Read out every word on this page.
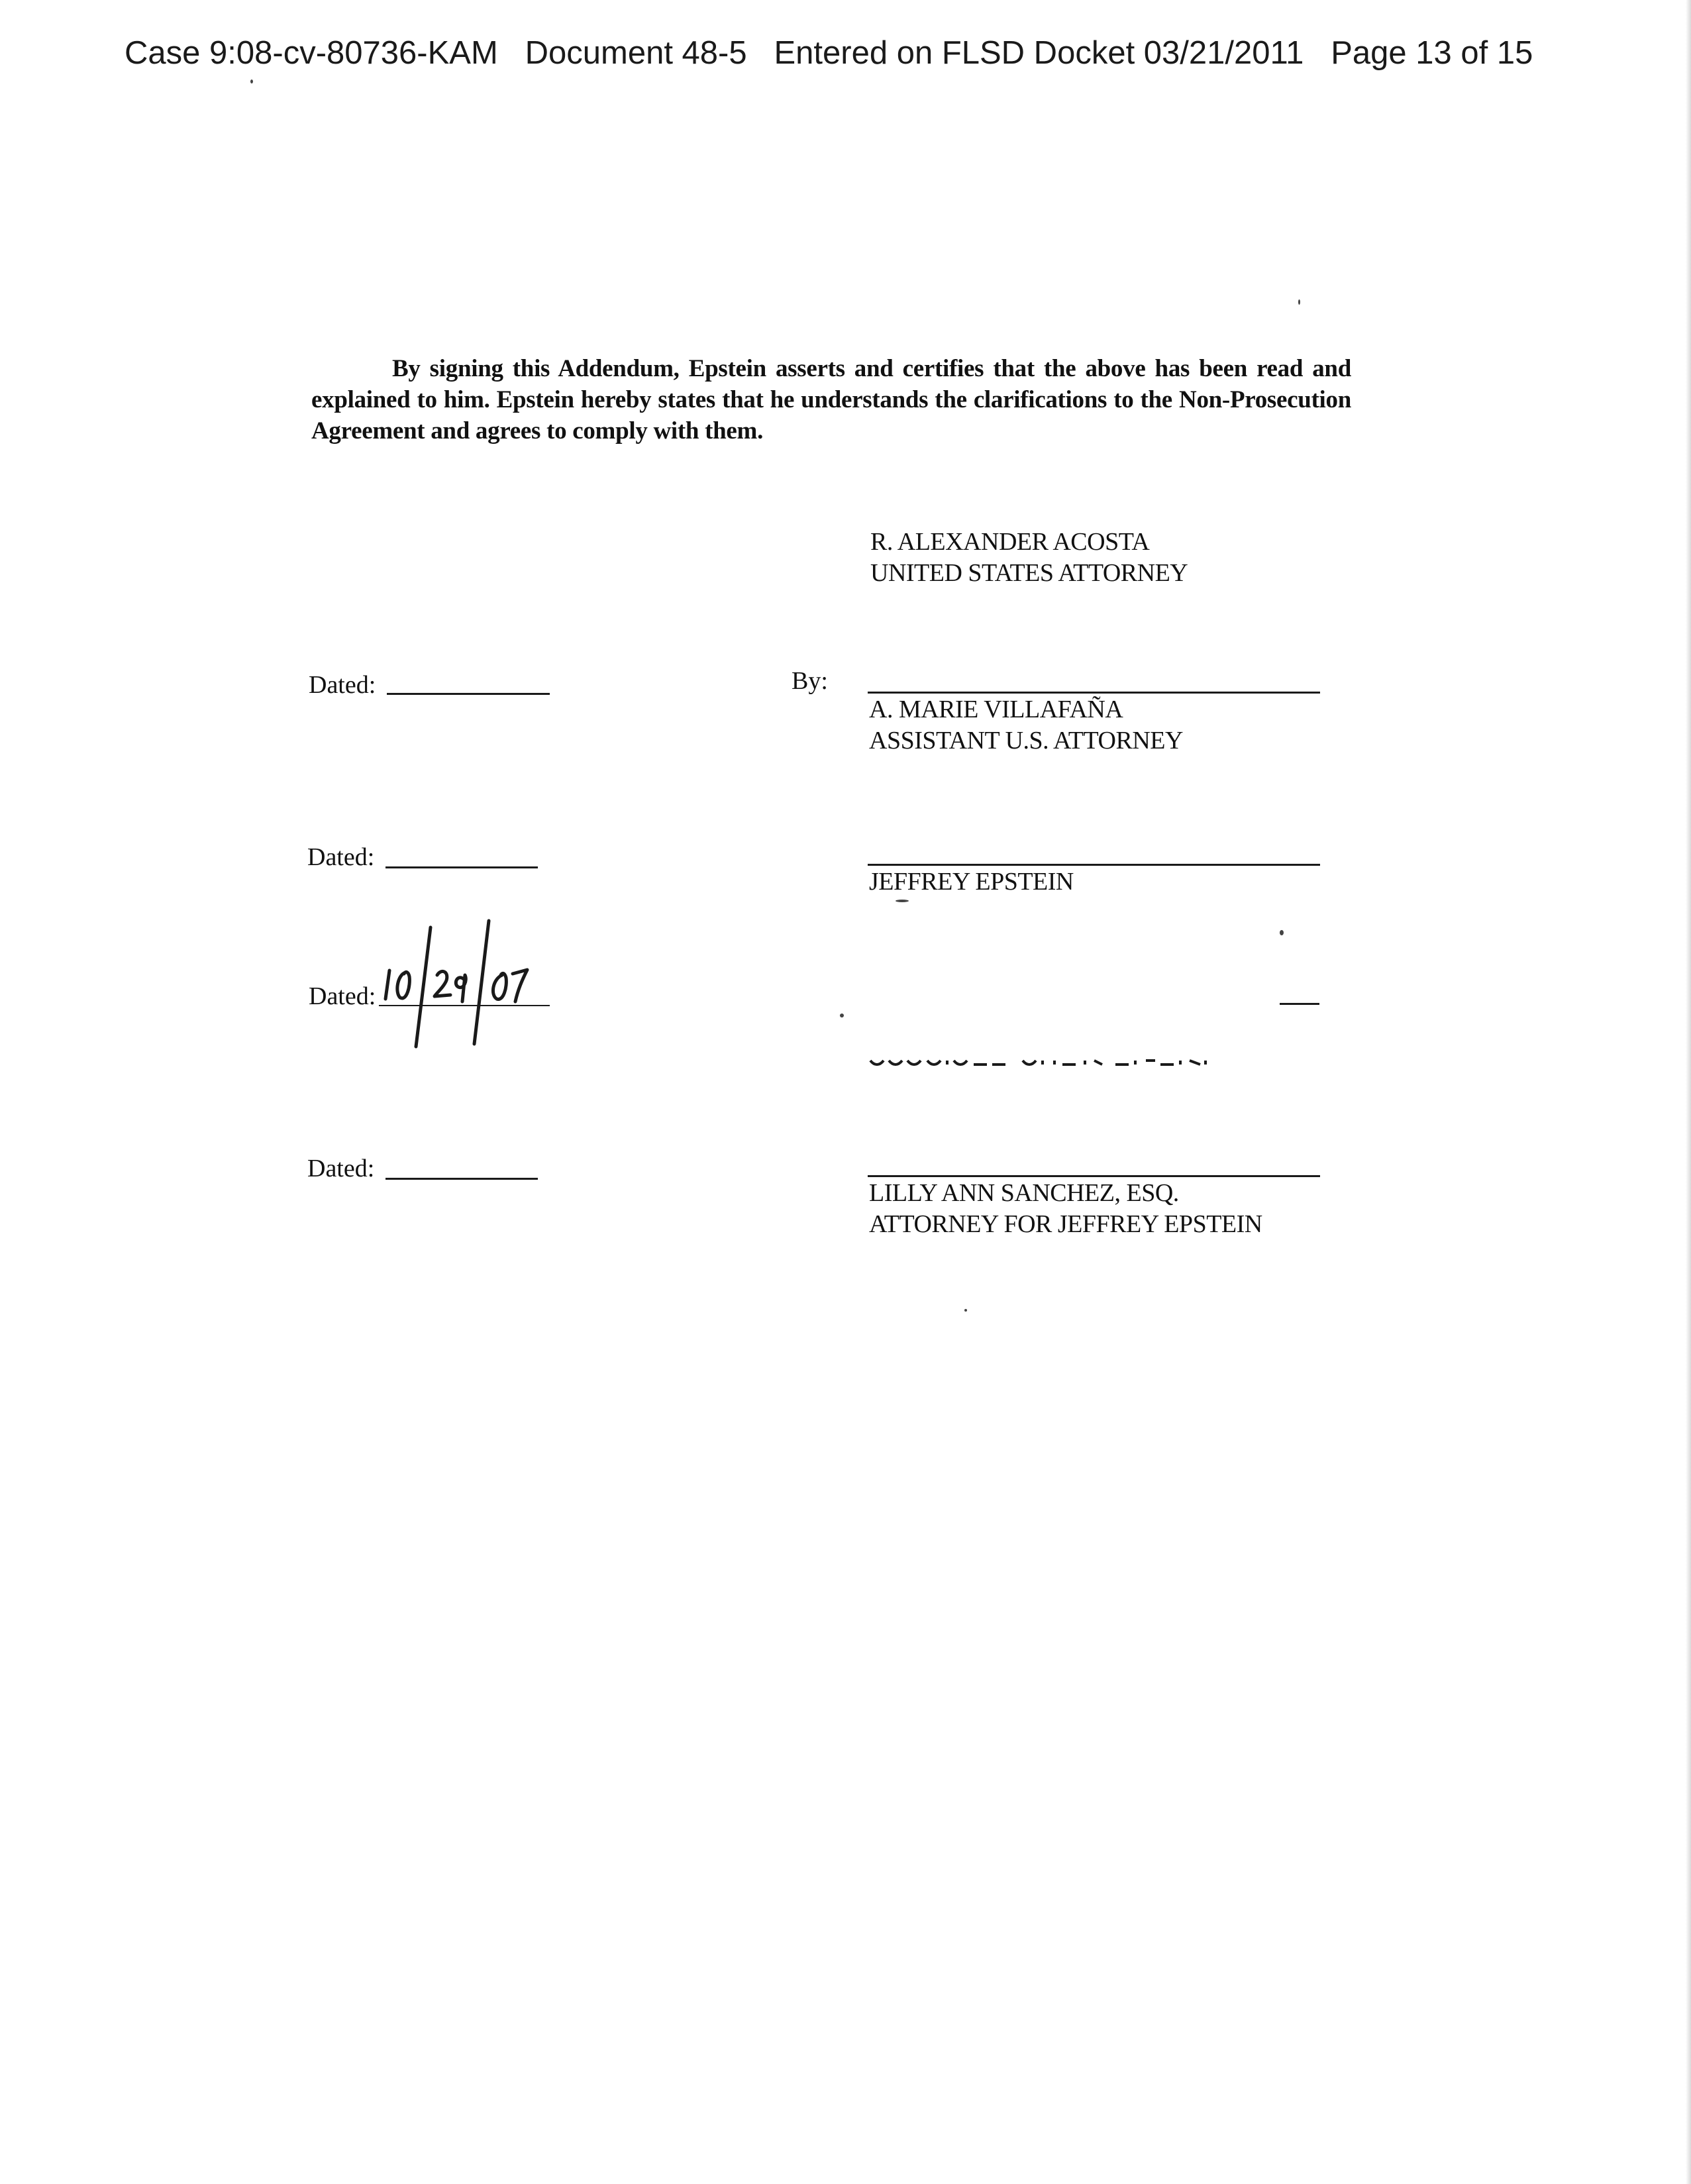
Case 9:08-cv-80736-KAM Document 48-5 Entered on FLSD Docket 03/21/2011 Page 13 of 15
By signing this Addendum, Epstein asserts and certifies that the above has been read and explained to him. Epstein hereby states that he understands the clarifications to the Non-Prosecution Agreement and agrees to comply with them.
R. ALEXANDER ACOSTA
UNITED STATES ATTORNEY
Dated:	By:
A. MARIE VILLAFAÑA
ASSISTANT U.S. ATTORNEY
Dated:
JEFFREY EPSTEIN
Dated:
Dated:
LILLY ANN SANCHEZ, ESQ.
ATTORNEY FOR JEFFREY EPSTEIN
